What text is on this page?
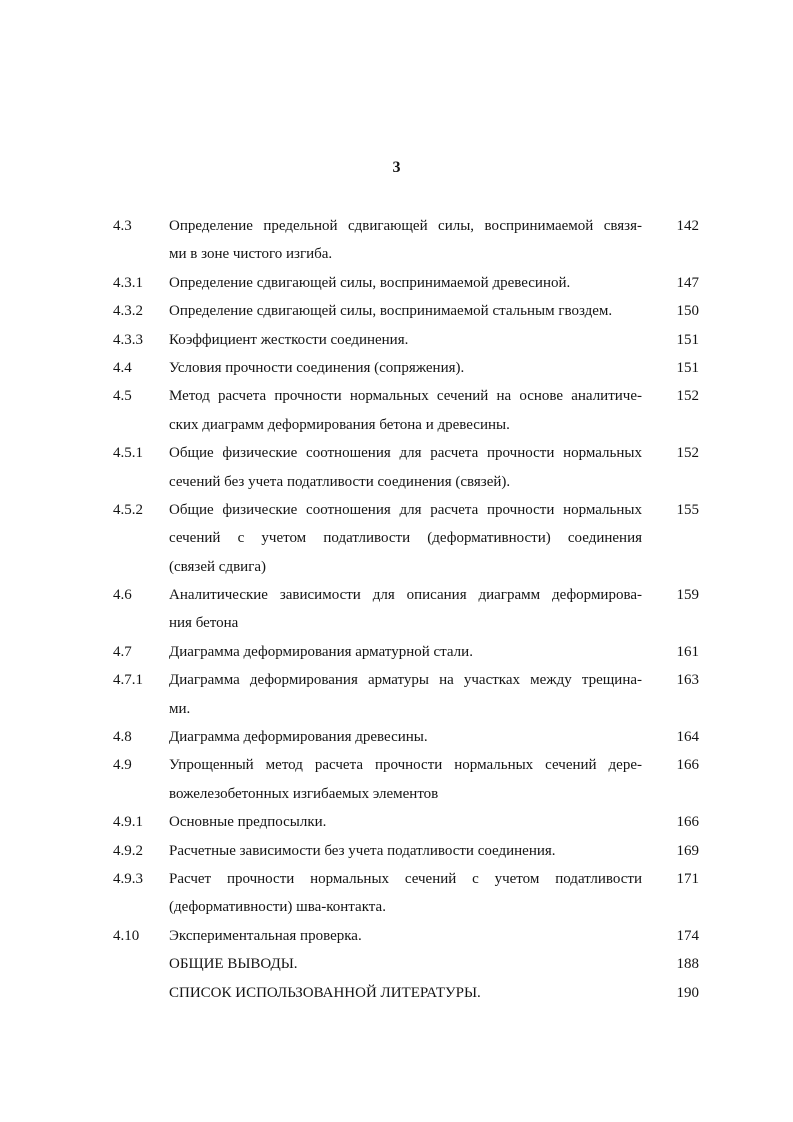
3
4.3 Определение предельной сдвигающей силы, воспринимаемой связя- 142
ми в зоне чистого изгиба.
4.3.1 Определение сдвигающей силы, воспринимаемой древесиной.	147
4.3.2 Определение сдвигающей силы, воспринимаемой стальным гвоздем.	150
4.3.3 Коэффициент жесткости соединения.	151
4.4 Условия прочности соединения (сопряжения).	151
4.5 Метод расчета прочности нормальных сечений на основе аналитиче- 152
ских диаграмм деформирования бетона и древесины.
4.5.1 Общие физические соотношения для расчета прочности нормальных 152
сечений без учета податливости соединения (связей).
4.5.2 Общие физические соотношения для расчета прочности нормальных 155
сечений с учетом податливости (деформативности) соединения
(связей сдвига)
4.6 Аналитические зависимости для описания диаграмм деформирова- 159
ния бетона
4.7 Диаграмма деформирования арматурной стали.	161
4.7.1 Диаграмма деформирования арматуры на участках между трещина- 163
ми.
4.8 Диаграмма деформирования древесины.	164
4.9 Упрощенный метод расчета прочности нормальных сечений дере- 166
вожелезобетонных изгибаемых элементов
4.9.1 Основные предпосылки.	166
4.9.2 Расчетные зависимости без учета податливости соединения.	169
4.9.3 Расчет прочности нормальных сечений с учетом податливости 171
(деформативности) шва-контакта.
4.10 Экспериментальная проверка.	174
ОБЩИЕ ВЫВОДЫ.	188
СПИСОК ИСПОЛЬЗОВАННОЙ ЛИТЕРАТУРЫ.	190
